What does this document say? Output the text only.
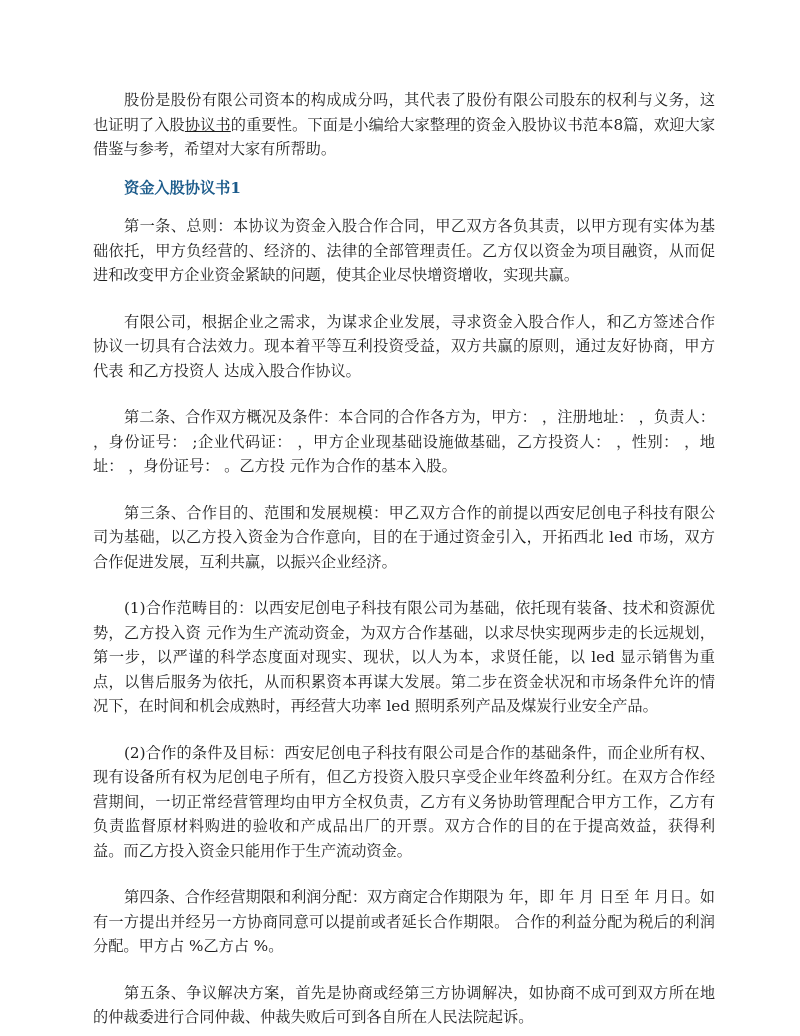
股份是股份有限公司资本的构成成分吗，其代表了股份有限公司股东的权利与义务，这也证明了入股协议书的重要性。下面是小编给大家整理的资金入股协议书范本8篇，欢迎大家借鉴与参考，希望对大家有所帮助。

资金入股协议书1

第一条、总则：本协议为资金入股合作合同，甲乙双方各负其责，以甲方现有实体为基础依托，甲方负经营的、经济的、法律的全部管理责任。乙方仅以资金为项目融资，从而促进和改变甲方企业资金紧缺的问题，使其企业尽快增资增收，实现共赢。

有限公司，根据企业之需求，为谋求企业发展，寻求资金入股合作人，和乙方签述合作协议一切具有合法效力。现本着平等互利投资受益，双方共赢的原则，通过友好协商，甲方代表 和乙方投资人 达成入股合作协议。

第二条、合作双方概况及条件：本合同的合作各方为，甲方： ，注册地址： ，负责人： ，身份证号： ;企业代码证： ，甲方企业现基础设施做基础，乙方投资人： ，性别： ，地址： ，身份证号： 。乙方投 元作为合作的基本入股。

第三条、合作目的、范围和发展规模：甲乙双方合作的前提以西安尼创电子科技有限公司为基础，以乙方投入资金为合作意向，目的在于通过资金引入，开拓西北 led 市场，双方合作促进发展，互利共赢，以振兴企业经济。

(1)合作范畴目的：以西安尼创电子科技有限公司为基础，依托现有装备、技术和资源优势，乙方投入资 元作为生产流动资金，为双方合作基础，以求尽快实现两步走的长远规划，第一步，以严谨的科学态度面对现实、现状，以人为本，求贤任能，以 led 显示销售为重点，以售后服务为依托，从而积累资本再谋大发展。第二步在资金状况和市场条件允许的情况下，在时间和机会成熟时，再经营大功率 led 照明系列产品及煤炭行业安全产品。

(2)合作的条件及目标：西安尼创电子科技有限公司是合作的基础条件，而企业所有权、现有设备所有权为尼创电子所有，但乙方投资入股只享受企业年终盈利分红。在双方合作经营期间，一切正常经营管理均由甲方全权负责，乙方有义务协助管理配合甲方工作，乙方有负责监督原材料购进的验收和产成品出厂的开票。双方合作的目的在于提高效益，获得利益。而乙方投入资金只能用作于生产流动资金。

第四条、合作经营期限和利润分配：双方商定合作期限为 年，即 年 月 日至 年 月日。如有一方提出并经另一方协商同意可以提前或者延长合作期限。 合作的利益分配为税后的利润分配。甲方占 %乙方占 %。

第五条、争议解决方案，首先是协商或经第三方协调解决，如协商不成可到双方所在地的仲裁委进行合同仲裁、仲裁失败后可到各自所在人民法院起诉。
